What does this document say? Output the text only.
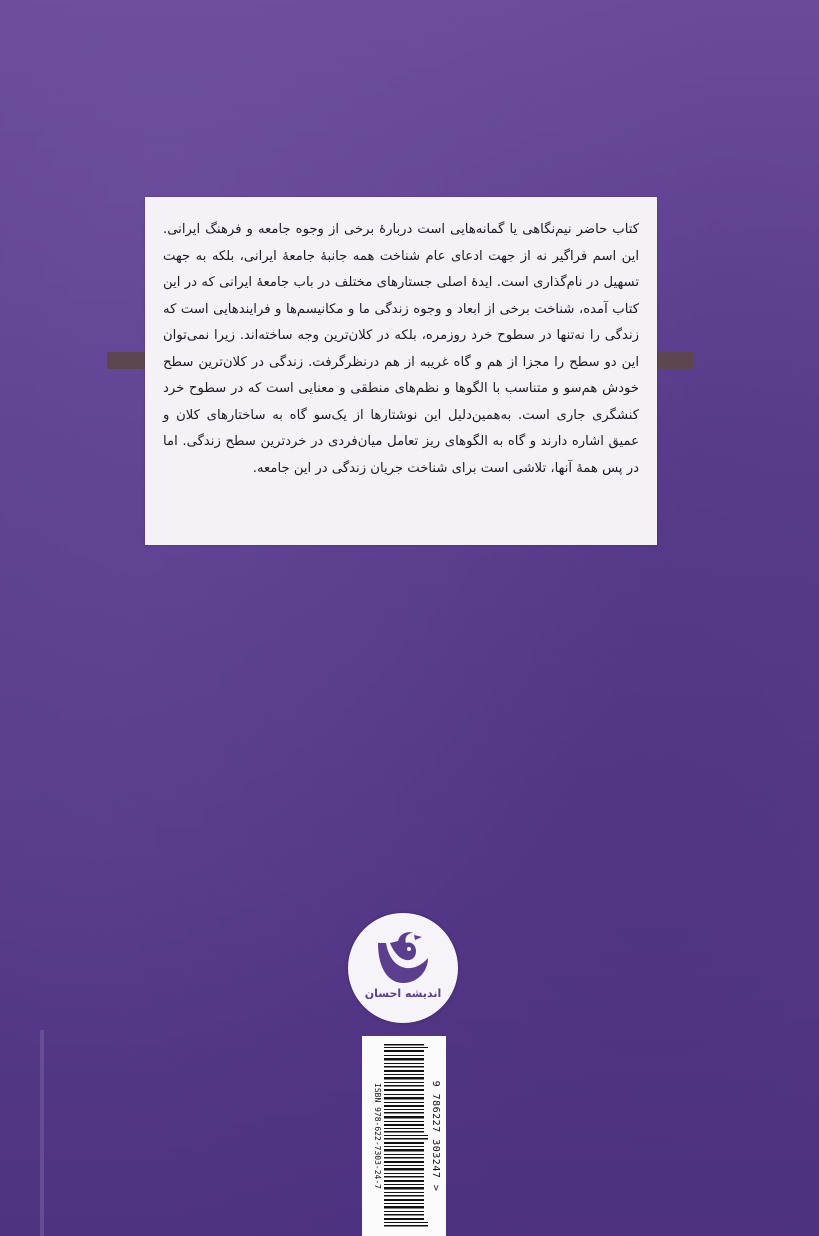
کتاب حاضر نیم‌نگاهی یا گمانه‌هایی است دربارهٔ برخی از وجوه جامعه و فرهنگ ایرانی. این اسم فراگیر نه از جهت ادعای عام شناخت همه جانبهٔ جامعهٔ ایرانی، بلکه به جهت تسهیل در نام‌گذاری است. ایدهٔ اصلی جستارهای مختلف در باب جامعهٔ ایرانی که در این کتاب آمده، شناخت برخی از ابعاد و وجوه زندگی ما و مکانیسم‌ها و فرایندهایی است که زندگی را نه‌تنها در سطوح خرد روزمره، بلکه در کلان‌ترین وجه ساخته‌اند. زیرا نمی‌توان این دو سطح را مجزا از هم و گاه غریبه از هم درنظرگرفت. زندگی در کلان‌ترین سطح خودش هم‌سو و متناسب با الگوها و نظم‌های منطقی و معنایی است که در سطوح خرد کنشگری جاری است. به‌همین‌دلیل این نوشتارها از یک‌سو گاه به ساختارهای کلان و عمیق اشاره دارند و گاه به الگوهای ریز تعامل میان‌فردی در خردترین سطح زندگی. اما در پس همهٔ آنها، تلاشی است برای شناخت جریان زندگی در این جامعه.
اندیشه احسان
ISBN 978-622-7303-24-7	9 786227 303247 >
